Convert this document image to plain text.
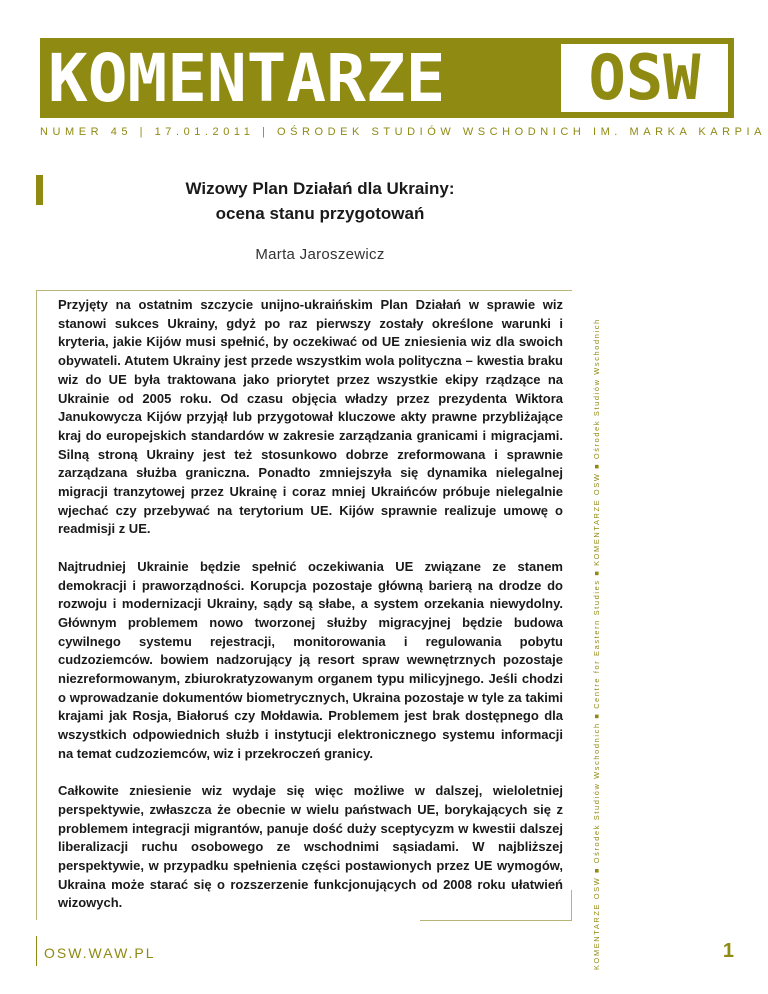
KOMENTARZE	OSW
NUMER 45 | 17.01.2011 | OŚRODEK STUDIÓW WSCHODNICH IM. MARKA KARPIA
Wizowy Plan Działań dla Ukrainy:
ocena stanu przygotowań
Marta Jaroszewicz

Przyjęty na ostatnim szczycie unijno-ukraińskim Plan Działań w sprawie wiz stanowi sukces Ukrainy, gdyż po raz pierwszy zostały określone warunki i kryteria, jakie Kijów musi spełnić, by oczekiwać od UE zniesienia wiz dla swoich obywateli. Atutem Ukrainy jest przede wszystkim wola polityczna – kwestia braku wiz do UE była traktowana jako priorytet przez wszystkie ekipy rządzące na Ukrainie od 2005 roku. Od czasu objęcia władzy przez prezydenta Wiktora Janukowycza Kijów przyjął lub przygotował kluczowe akty prawne przybliżające kraj do europejskich standardów w zakresie zarządzania granicami i migracjami. Silną stroną Ukrainy jest też stosunkowo dobrze zreformowana i sprawnie zarządzana służba graniczna. Ponadto zmniejszyła się dynamika nielegalnej migracji tranzytowej przez Ukrainę i coraz mniej Ukraińców próbuje nielegalnie wjechać czy przebywać na terytorium UE. Kijów sprawnie realizuje umowę o readmisji z UE.

Najtrudniej Ukrainie będzie spełnić oczekiwania UE związane ze stanem demokracji i praworządności. Korupcja pozostaje główną barierą na drodze do rozwoju i modernizacji Ukrainy, sądy są słabe, a system orzekania niewydolny. Głównym problemem nowo tworzonej służby migracyjnej będzie budowa cywilnego systemu rejestracji, monitorowania i regulowania pobytu cudzoziemców. bowiem nadzorujący ją resort spraw wewnętrznych pozostaje niezreformowanym, zbiurokratyzowanym organem typu milicyjnego. Jeśli chodzi o wprowadzanie dokumentów biometrycznych, Ukraina pozostaje w tyle za takimi krajami jak Rosja, Białoruś czy Mołdawia. Problemem jest brak dostępnego dla wszystkich odpowiednich służb i instytucji elektronicznego systemu informacji na temat cudzoziemców, wiz i przekroczeń granicy.

Całkowite zniesienie wiz wydaje się więc możliwe w dalszej, wieloletniej perspektywie, zwłaszcza że obecnie w wielu państwach UE, borykających się z problemem integracji migrantów, panuje dość duży sceptycyzm w kwestii dalszej liberalizacji ruchu osobowego ze wschodnimi sąsiadami. W najbliższej perspektywie, w przypadku spełnienia części postawionych przez UE wymogów, Ukraina może starać się o rozszerzenie funkcjonujących od 2008 roku ułatwień wizowych.	KOMENTARZE OSW ■ Ośrodek Studiów Wschodnich ■ Centre for Eastern Studies ■ KOMENTARZE OSW ■ Ośrodek Studiów Wschodnich
OSW.WAW.PL	1
